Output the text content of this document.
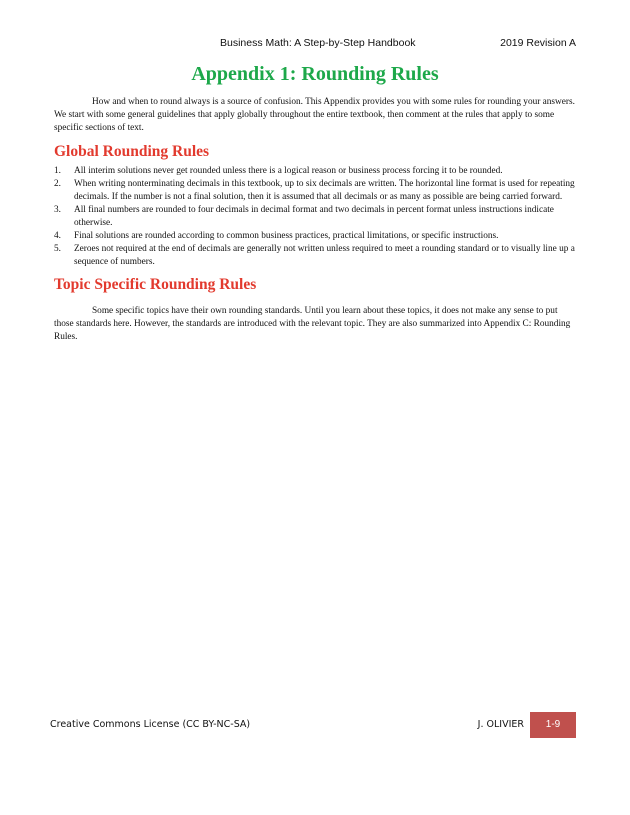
Business Math: A Step-by-Step Handbook	2019 Revision A
Appendix 1: Rounding Rules

How and when to round always is a source of confusion. This Appendix provides you with some rules for rounding your answers. We start with some general guidelines that apply globally throughout the entire textbook, then comment at the rules that apply to some specific sections of text.

Global Rounding Rules
1. All interim solutions never get rounded unless there is a logical reason or business process forcing it to be rounded.
2. When writing nonterminating decimals in this textbook, up to six decimals are written. The horizontal line format is used for repeating decimals. If the number is not a final solution, then it is assumed that all decimals or as many as possible are being carried forward.
3. All final numbers are rounded to four decimals in decimal format and two decimals in percent format unless instructions indicate otherwise.
4. Final solutions are rounded according to common business practices, practical limitations, or specific instructions.
5. Zeroes not required at the end of decimals are generally not written unless required to meet a rounding standard or to visually line up a sequence of numbers.
Topic Specific Rounding Rules

Some specific topics have their own rounding standards. Until you learn about these topics, it does not make any sense to put those standards here. However, the standards are introduced with the relevant topic. They are also summarized into Appendix C: Rounding Rules.

Creative Commons License (CC BY-NC-SA)	J. OLIVIER	1-9
